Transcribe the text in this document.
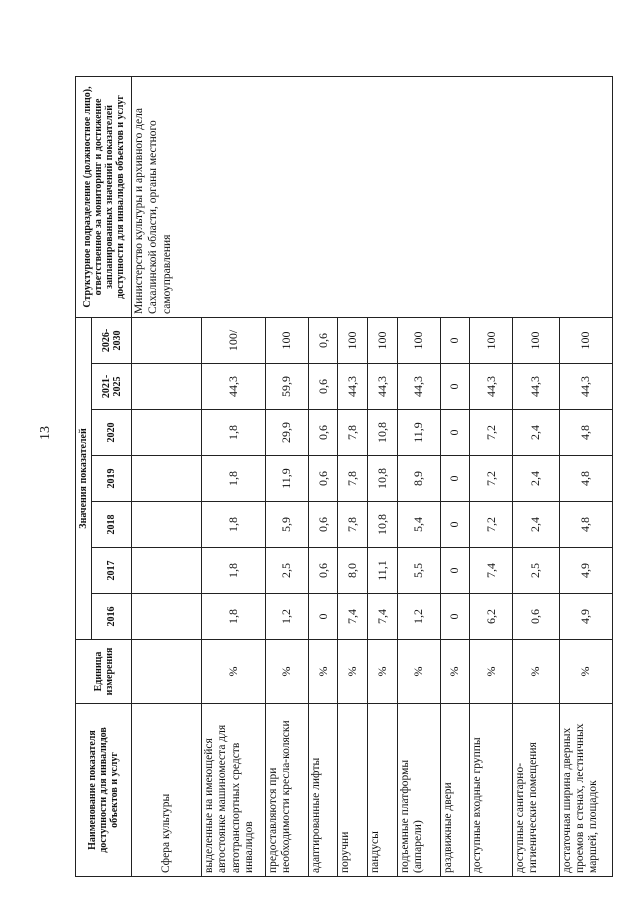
13
Наименование показателя доступности для инвалидов объектов и услуг	Единица измерения	Значения показателей							Структурное подразделение (должностное лицо), ответственное за мониторинг и достижение запланированных значений показателей доступности для инвалидов объектов и услуг
		2016	2017	2018	2019	2020	2021-2025	2026-2030	
Сфера культуры									Министерство культуры и архивного дела Сахалинской области, органы местного самоуправления
выделенные на имеющейся автостоянке машиноместа для автотранспортных средств инвалидов	%	1,8	1,8	1,8	1,8	1,8	44,3	100/	
предоставляются при необходимости кресла-коляски	%	1,2	2,5	5,9	11,9	29,9	59,9	100	
адаптированные лифты	%	0	0,6	0,6	0,6	0,6	0,6	0,6	
поручни	%	7,4	8,0	7,8	7,8	7,8	44,3	100	
пандусы	%	7,4	11,1	10,8	10,8	10,8	44,3	100	
подъемные платформы (аппарели)	%	1,2	5,5	5,4	8,9	11,9	44,3	100	
раздвижные двери	%	0	0	0	0	0	0	0	
доступные входные группы	%	6,2	7,4	7,2	7,2	7,2	44,3	100	
доступные санитарно-гигиенические помещения	%	0,6	2,5	2,4	2,4	2,4	44,3	100	
достаточная ширина дверных проемов в стенах, лестничных маршей, площадок	%	4,9	4,9	4,8	4,8	4,8	44,3	100	
